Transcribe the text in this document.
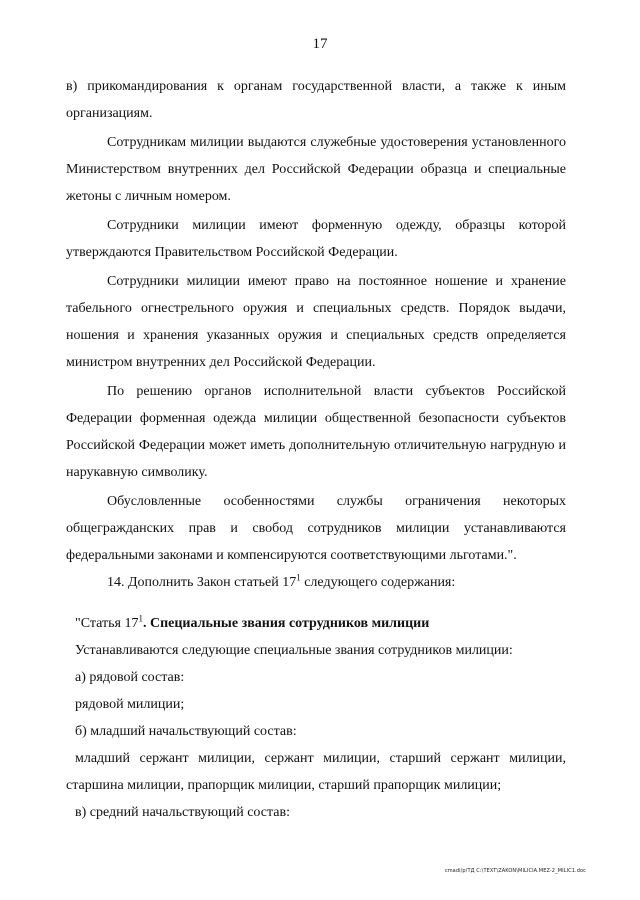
17

в) прикомандирования к органам государственной власти, а также к иным организациям.

Сотрудникам милиции выдаются служебные удостоверения установленного Министерством внутренних дел Российской Федерации образца и специальные жетоны с личным номером.

Сотрудники милиции имеют форменную одежду, образцы которой утверждаются Правительством Российской Федерации.

Сотрудники милиции имеют право на постоянное ношение и хранение табельного огнестрельного оружия и специальных средств. Порядок выдачи, ношения и хранения указанных оружия и специальных средств определяется министром внутренних дел Российской Федерации.

По решению органов исполнительной власти субъектов Российской Федерации форменная одежда милиции общественной безопасности субъектов Российской Федерации может иметь дополнительную отличительную нагрудную и нарукавную символику.

Обусловленные особенностями службы ограничения некоторых общегражданских прав и свобод сотрудников милиции устанавливаются федеральными законами и компенсируются соответствующими льготами.".

14. Дополнить Закон статьей $17^1$ следующего содержания:

"Статья $17^1$. Специальные звания сотрудников милиции

Устанавливаются следующие специальные звания сотрудников милиции:

а) рядовой состав:

рядовой милиции;

б) младший начальствующий состав:

младший сержант милиции, сержант милиции, старший сержант милиции, старшина милиции, прапорщик милиции, старший прапорщик милиции;

в) средний начальствующий состав:

cmadi/p/ТД C:\TEXT\ZAKON\MILICIA.MEZ-2_MILIC1.doc
